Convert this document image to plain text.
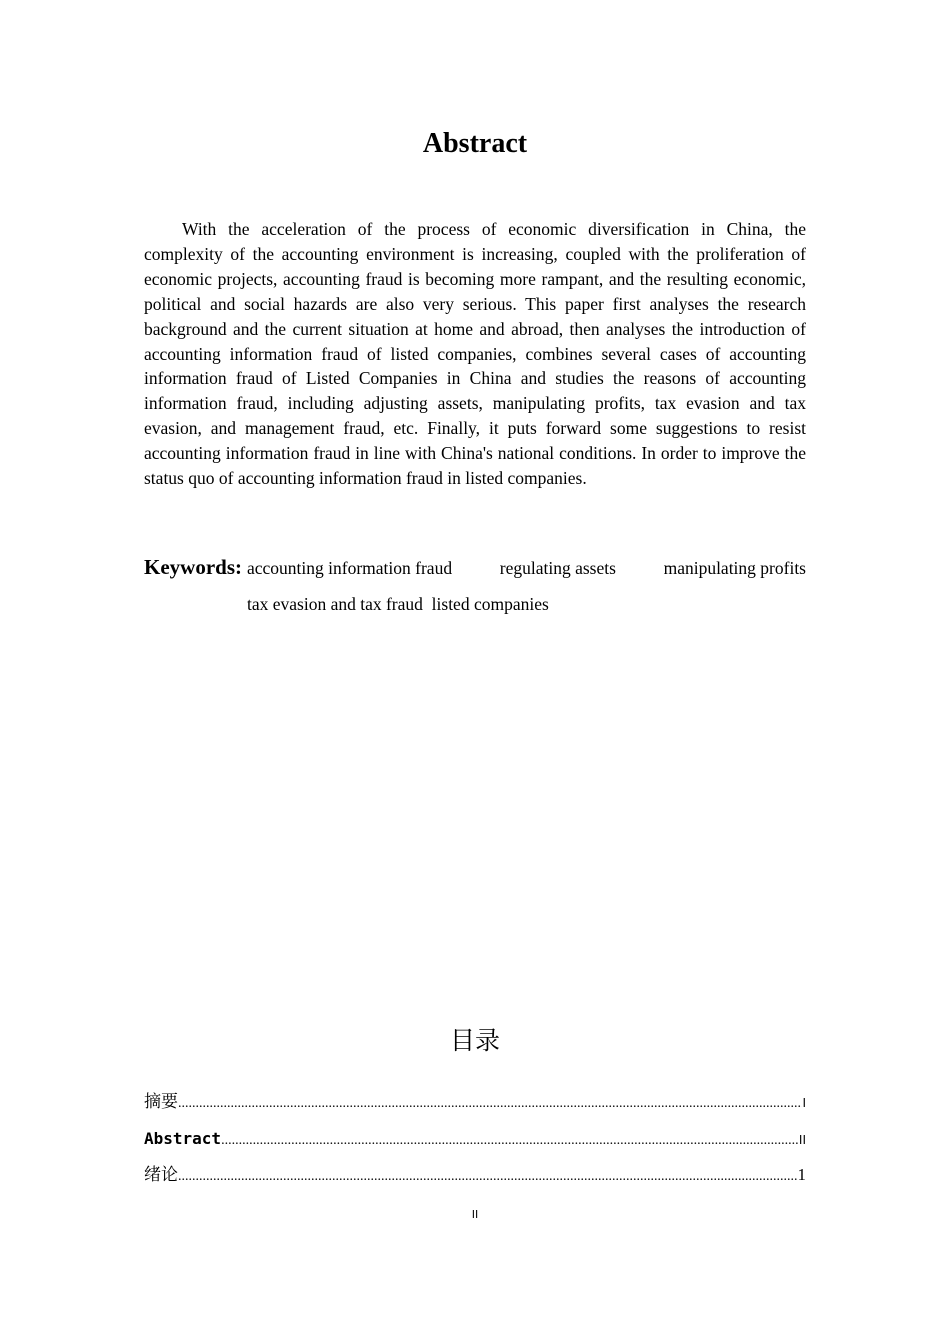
Abstract

With the acceleration of the process of economic diversification in China, the complexity of the accounting environment is increasing, coupled with the proliferation of economic projects, accounting fraud is becoming more rampant, and the resulting economic, political and social hazards are also very serious. This paper first analyses the research background and the current situation at home and abroad, then analyses the introduction of accounting information fraud of listed companies, combines several cases of accounting information fraud of Listed Companies in China and studies the reasons of accounting information fraud, including adjusting assets, manipulating profits, tax evasion and tax evasion, and management fraud, etc. Finally, it puts forward some suggestions to resist accounting information fraud in line with China's national conditions. In order to improve the status quo of accounting information fraud in listed companies.

Keywords: accounting information fraud	regulating assets	manipulating profits
tax evasion and tax fraud listed companies
目录
摘要 .....	I
Abstract .....	II
绪论 .....	1
II
